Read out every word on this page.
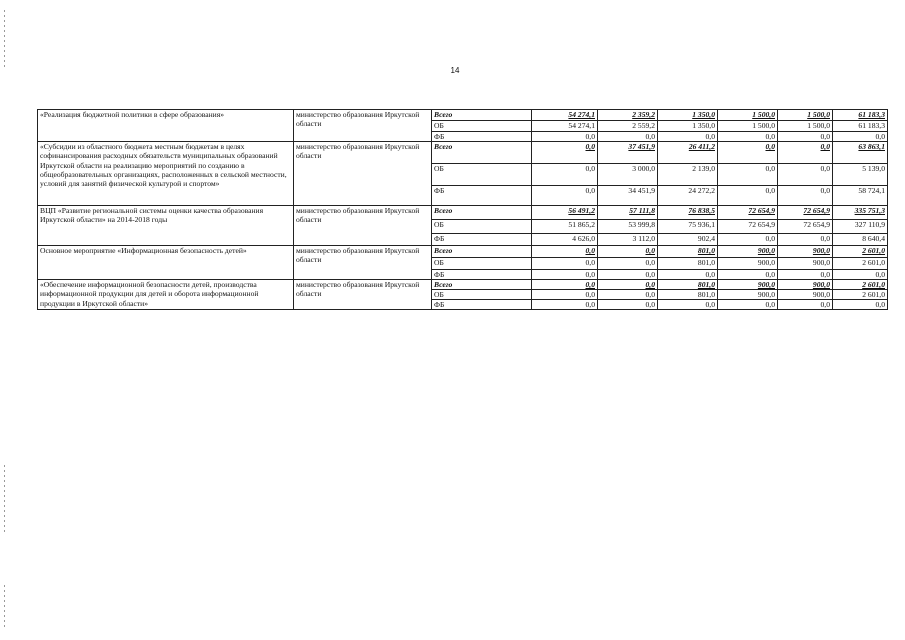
14
«Реализация бюджетной политики в сфере образования»	министерство образования Иркутской области	Всего	54 274,1	2 359,2	1 350,0	1 500,0	1 500,0	61 183,3
		ОБ	54 274,1	2 559,2	1 350,0	1 500,0	1 500,0	61 183,3
		ФБ	0,0	0,0	0,0	0,0	0,0	0,0
«Субсидии из областного бюджета местным бюджетам в целях софинансирования расходных обязательств муниципальных образований Иркутской области на реализацию мероприятий по созданию в общеобразовательных организациях, расположенных в сельской местности, условий для занятий физической культурой и спортом»	министерство образования Иркутской области	Всего	0,0	37 451,9	26 411,2	0,0	0,0	63 863,1
		ОБ	0,0	3 000,0	2 139,0	0,0	0,0	5 139,0
		ФБ	0,0	34 451,9	24 272,2	0,0	0,0	58 724,1
ВЦП «Развитие региональной системы оценки качества образования Иркутской области» на 2014-2018 годы	министерство образования Иркутской области	Всего	56 491,2	57 111,8	76 838,5	72 654,9	72 654,9	335 751,3
		ОБ	51 865,2	53 999,8	75 936,1	72 654,9	72 654,9	327 110,9
		ФБ	4 626,0	3 112,0	902,4	0,0	0,0	8 640,4
Основное мероприятие «Информационная безопасность детей»	министерство образования Иркутской области	Всего	0,0	0,0	801,0	900,0	900,0	2 601,0
		ОБ	0,0	0,0	801,0	900,0	900,0	2 601,0
		ФБ	0,0	0,0	0,0	0,0	0,0	0,0
«Обеспечение информационной безопасности детей, производства информационной продукции для детей и оборота информационной продукции в Иркутской области»	министерство образования Иркутской области	Всего	0,0	0,0	801,0	900,0	900,0	2 601,0
		ОБ	0,0	0,0	801,0	900,0	900,0	2 601,0
		ФБ	0,0	0,0	0,0	0,0	0,0	0,0
